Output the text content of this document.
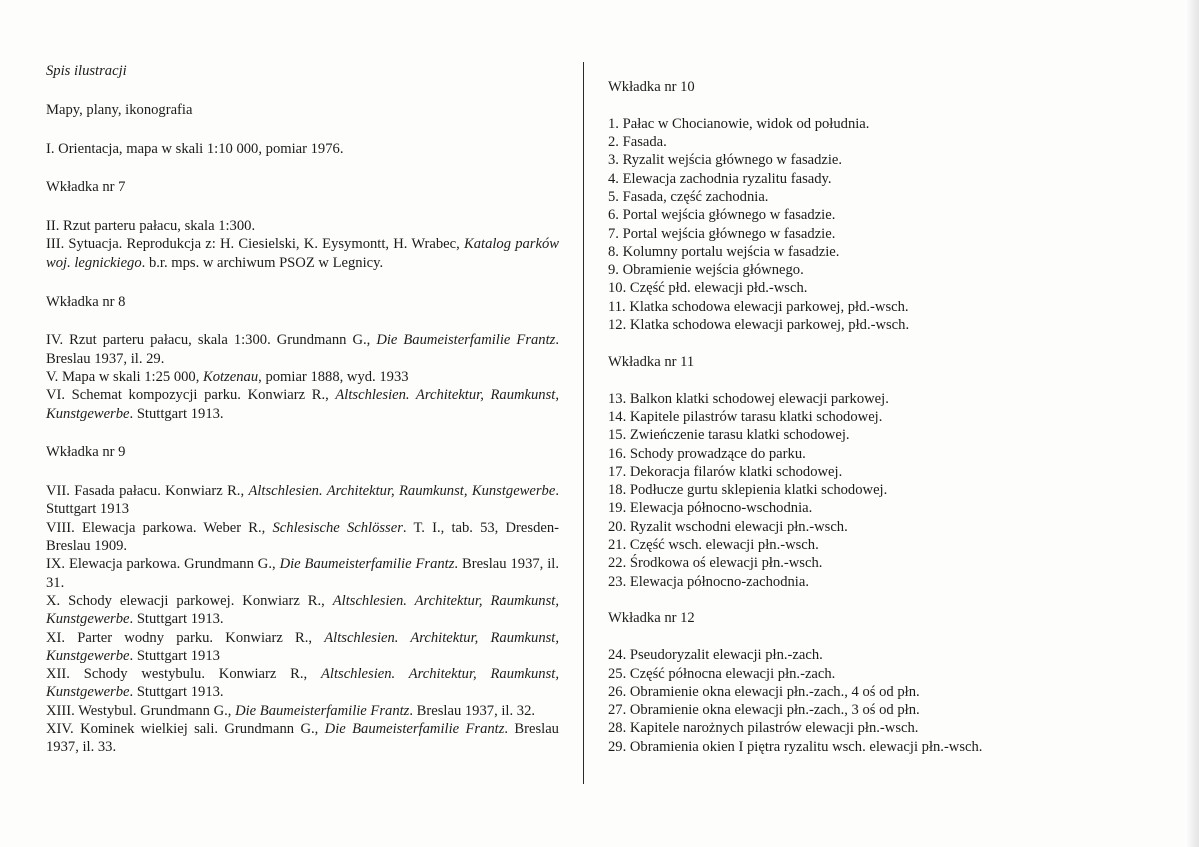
Spis ilustracji

Mapy, plany, ikonografia

I. Orientacja, mapa w skali 1:10 000, pomiar 1976.

Wkładka nr 7

II. Rzut parteru pałacu, skala 1:300.

III. Sytuacja. Reprodukcja z: H. Ciesielski, K. Eysymontt, H. Wrabec, Katalog parków woj. legnickiego. b.r. mps. w archiwum PSOZ w Legnicy.

Wkładka nr 8

IV. Rzut parteru pałacu, skala 1:300. Grundmann G., Die Baumeisterfamilie Frantz. Breslau 1937, il. 29.

V. Mapa w skali 1:25 000, Kotzenau, pomiar 1888, wyd. 1933

VI. Schemat kompozycji parku. Konwiarz R., Altschlesien. Architektur, Raumkunst, Kunstgewerbe. Stuttgart 1913.

Wkładka nr 9

VII. Fasada pałacu. Konwiarz R., Altschlesien. Architektur, Raumkunst, Kunstgewerbe. Stuttgart 1913

VIII. Elewacja parkowa. Weber R., Schlesische Schlösser. T. I., tab. 53, Dresden-Breslau 1909.

IX. Elewacja parkowa. Grundmann G., Die Baumeisterfamilie Frantz. Breslau 1937, il. 31.

X. Schody elewacji parkowej. Konwiarz R., Altschlesien. Architektur, Raumkunst, Kunstgewerbe. Stuttgart 1913.

XI. Parter wodny parku. Konwiarz R., Altschlesien. Architektur, Raumkunst, Kunstgewerbe. Stuttgart 1913

XII. Schody westybulu. Konwiarz R., Altschlesien. Architektur, Raumkunst, Kunstgewerbe. Stuttgart 1913.

XIII. Westybul. Grundmann G., Die Baumeisterfamilie Frantz. Breslau 1937, il. 32.

XIV. Kominek wielkiej sali. Grundmann G., Die Baumeisterfamilie Frantz. Breslau 1937, il. 33.

Wkładka nr 10

1. Pałac w Chocianowie, widok od południa.

2. Fasada.

3. Ryzalit wejścia głównego w fasadzie.

4. Elewacja zachodnia ryzalitu fasady.

5. Fasada, część zachodnia.

6. Portal wejścia głównego w fasadzie.

7. Portal wejścia głównego w fasadzie.

8. Kolumny portalu wejścia w fasadzie.

9. Obramienie wejścia głównego.

10. Część płd. elewacji płd.-wsch.

11. Klatka schodowa elewacji parkowej, płd.-wsch.

12. Klatka schodowa elewacji parkowej, płd.-wsch.

Wkładka nr 11

13. Balkon klatki schodowej elewacji parkowej.

14. Kapitele pilastrów tarasu klatki schodowej.

15. Zwieńczenie tarasu klatki schodowej.

16. Schody prowadzące do parku.

17. Dekoracja filarów klatki schodowej.

18. Podłucze gurtu sklepienia klatki schodowej.

19. Elewacja północno-wschodnia.

20. Ryzalit wschodni elewacji płn.-wsch.

21. Część wsch. elewacji płn.-wsch.

22. Środkowa oś elewacji płn.-wsch.

23. Elewacja północno-zachodnia.

Wkładka nr 12

24. Pseudoryzalit elewacji płn.-zach.

25. Część północna elewacji płn.-zach.

26. Obramienie okna elewacji płn.-zach., 4 oś od płn.

27. Obramienie okna elewacji płn.-zach., 3 oś od płn.

28. Kapitele narożnych pilastrów elewacji płn.-wsch.

29. Obramienia okien I piętra ryzalitu wsch. elewacji płn.-wsch.
